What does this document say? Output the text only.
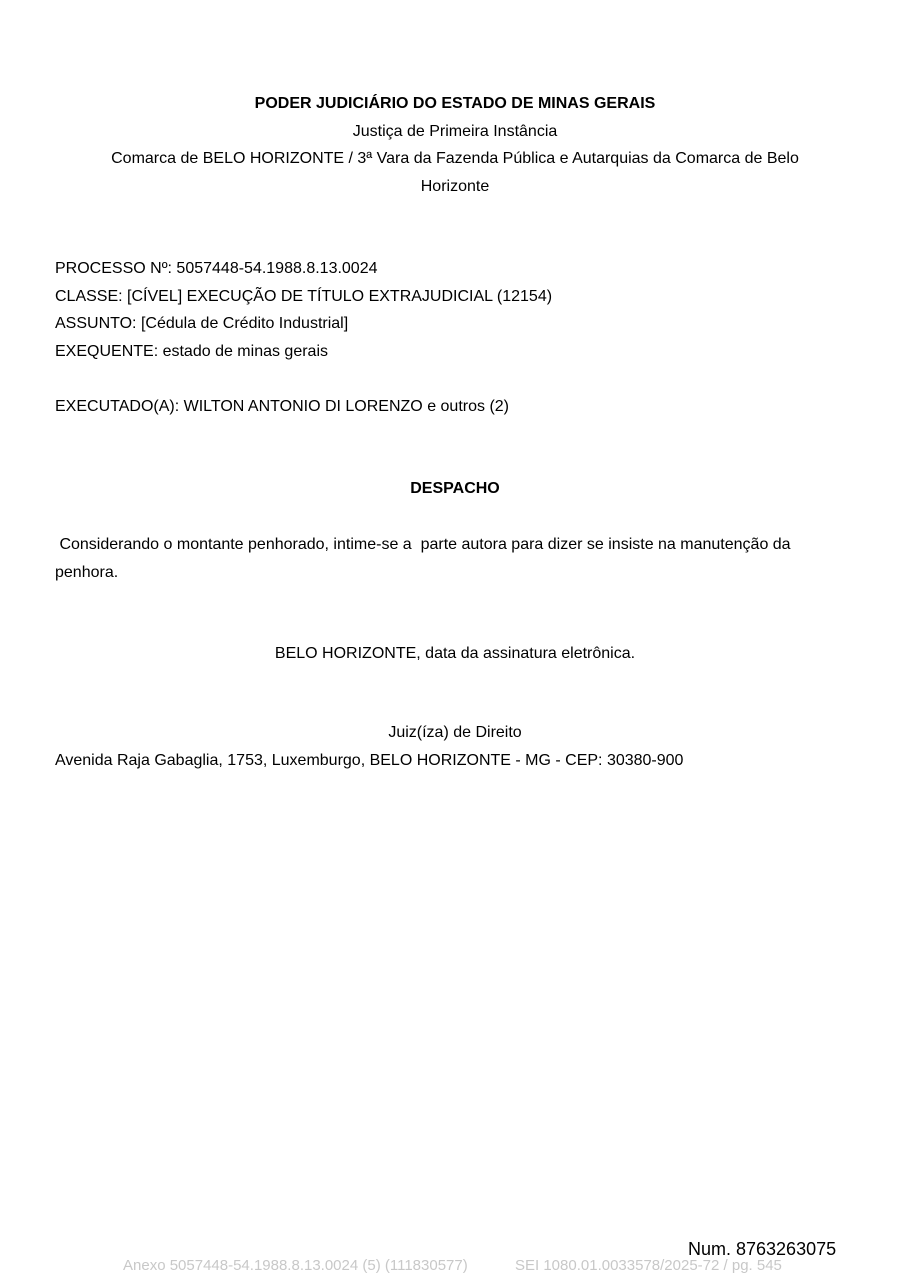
PODER JUDICIÁRIO DO ESTADO DE MINAS GERAIS
Justiça de Primeira Instância
Comarca de BELO HORIZONTE / 3ª Vara da Fazenda Pública e Autarquias da Comarca de Belo
Horizonte
PROCESSO Nº: 5057448-54.1988.8.13.0024
CLASSE: [CÍVEL] EXECUÇÃO DE TÍTULO EXTRAJUDICIAL (12154)
ASSUNTO: [Cédula de Crédito Industrial]
EXEQUENTE: estado de minas gerais
EXECUTADO(A): WILTON ANTONIO DI LORENZO e outros (2)
DESPACHO
Considerando o montante penhorado, intime-se a  parte autora para dizer se insiste na manutenção da penhora.
BELO HORIZONTE, data da assinatura eletrônica.
Juiz(íza) de Direito
Avenida Raja Gabaglia, 1753, Luxemburgo, BELO HORIZONTE - MG - CEP: 30380-900
Num. 8763263075
Anexo 5057448-54.1988.8.13.0024 (5) (111830577)	SEI 1080.01.0033578/2025-72 / pg. 545
